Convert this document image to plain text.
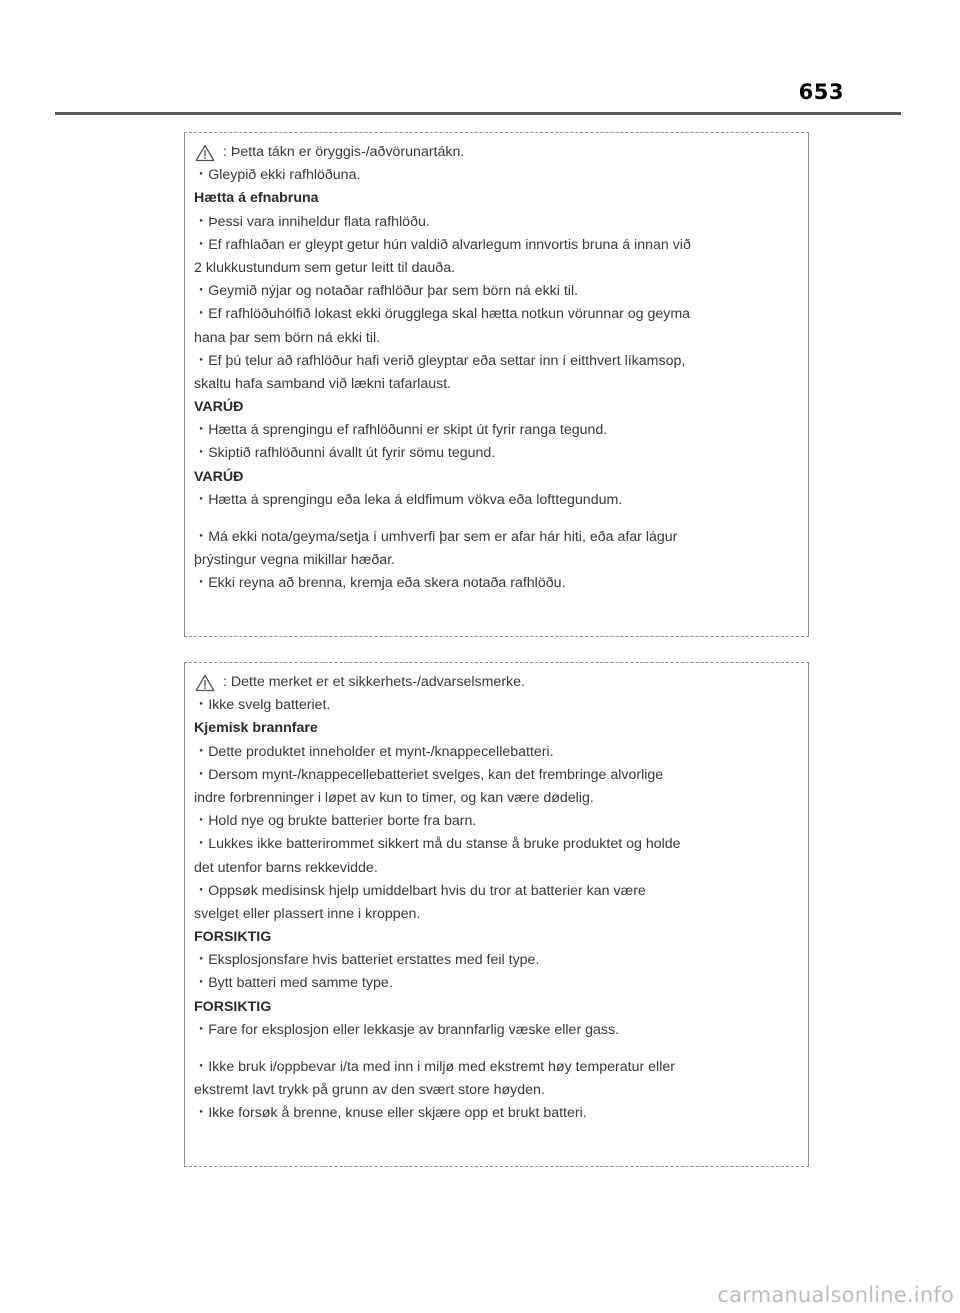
653
: Þetta tákn er öryggis-/aðvörunartákn.
・Gleypið ekki rafhlöðuna.
Hætta á efnabruna
・Þessi vara inniheldur flata rafhlöðu.
・Ef rafhlaðan er gleypt getur hún valdið alvarlegum innvortis bruna á innan við
2 klukkustundum sem getur leitt til dauða.
・Geymið nýjar og notaðar rafhlöður þar sem börn ná ekki til.
・Ef rafhlöðuhólfið lokast ekki örugglega skal hætta notkun vörunnar og geyma
hana þar sem börn ná ekki til.
・Ef þú telur að rafhlöður hafi verið gleyptar eða settar inn í eitthvert líkamsop,
skaltu hafa samband við lækni tafarlaust.
VARÚÐ
・Hætta á sprengingu ef rafhlöðunni er skipt út fyrir ranga tegund.
・Skiptið rafhlöðunni ávallt út fyrir sömu tegund.
VARÚÐ
・Hætta á sprengingu eða leka á eldfimum vökva eða lofttegundum.
・Má ekki nota/geyma/setja í umhverfi þar sem er afar hár hiti, eða afar lágur
þrýstingur vegna mikillar hæðar.
・Ekki reyna að brenna, kremja eða skera notaða rafhlöðu.
: Dette merket er et sikkerhets-/advarselsmerke.
・Ikke svelg batteriet.
Kjemisk brannfare
・Dette produktet inneholder et mynt-/knappecellebatteri.
・Dersom mynt-/knappecellebatteriet svelges, kan det frembringe alvorlige
indre forbrenninger i løpet av kun to timer, og kan være dødelig.
・Hold nye og brukte batterier borte fra barn.
・Lukkes ikke batterirommet sikkert må du stanse å bruke produktet og holde
det utenfor barns rekkevidde.
・Oppsøk medisinsk hjelp umiddelbart hvis du tror at batterier kan være
svelget eller plassert inne i kroppen.
FORSIKTIG
・Eksplosjonsfare hvis batteriet erstattes med feil type.
・Bytt batteri med samme type.
FORSIKTIG
・Fare for eksplosjon eller lekkasje av brannfarlig væske eller gass.
・Ikke bruk i/oppbevar i/ta med inn i miljø med ekstremt høy temperatur eller
ekstremt lavt trykk på grunn av den svært store høyden.
・Ikke forsøk å brenne, knuse eller skjære opp et brukt batteri.
carmanualsonline.info
